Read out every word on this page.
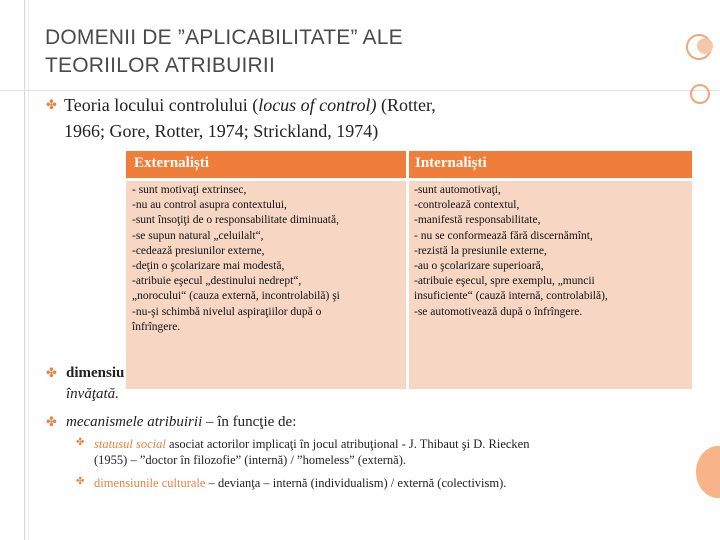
DOMENII DE ”APLICABILITATE” ALE
TEORIILOR ATRIBUIRII
✤ Teoria locului controlului (locus of control) (Rotter,
1966; Gore, Rotter, 1974; Strickland, 1974)
✤ dimensiu
învăţată.
Externaliști	Internaliști
- sunt motivaţi extrinsec,
-nu au control asupra contextului,
-sunt însoţiţi de o responsabilitate diminuată,
-se supun natural „celuilalt“,
-cedează presiunilor externe,
-deţin o şcolarizare mai modestă,
-atribuie eşecul „destinului nedrept“,
„norocului“ (cauza externă, incontrolabilă) şi
-nu-şi schimbă nivelul aspiraţiilor după o
înfrîngere.
-sunt automotivaţi,
-controlează contextul,
-manifestă responsabilitate,
- nu se conformează fără discernămînt,
-rezistă la presiunile externe,
-au o şcolarizare superioară,
-atribuie eşecul, spre exemplu, „muncii
insuficiente“ (cauză internă, controlabilă),
-se automotivează după o înfrîngere.
✤ mecanismele atribuirii – în funcţie de:
✤ statusul social asociat actorilor implicaţi în jocul atribuţional - J. Thibaut şi D. Riecken
(1955) – ”doctor în filozofie” (internă) / ”homeless” (externă).
✤ dimensiunile culturale – devianţa – internă (individualism) / externă (colectivism).
